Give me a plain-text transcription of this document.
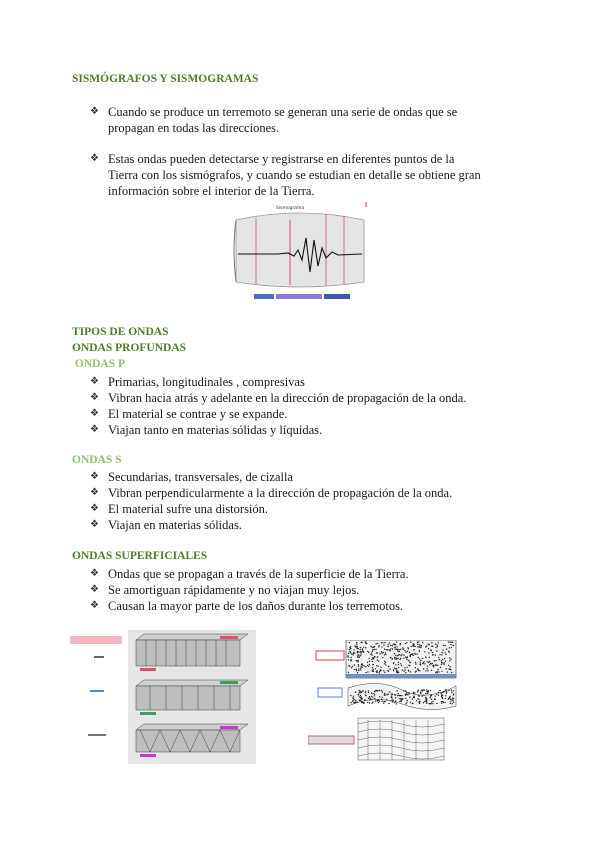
SISMÓGRAFOS Y SISMOGRAMAS
❖ Cuando se produce un terremoto se generan una serie de ondas que se
propagan en todas las direcciones.
❖ Estas ondas pueden detectarse y registrarse en diferentes puntos de la
Tierra con los sismógrafos, y cuando se estudian en detalle se obtiene gran
información sobre el interior de la Tierra.
Sismograma
TIPOS DE ONDAS
ONDAS PROFUNDAS
ONDAS P
❖ Primarias, longitudinales , compresivas
❖ Vibran hacia atrás y adelante en la dirección de propagación de la onda.
❖ El material se contrae y se expande.
❖ Viajan tanto en materias sólidas y líquidas.
ONDAS S
❖ Secundarias, transversales, de cizalla
❖ Vibran perpendicularmente a la dirección de propagación de la onda.
❖ El material sufre una distorsión.
❖ Viajan en materias sólidas.
ONDAS SUPERFICIALES
❖ Ondas que se propagan a través de la superficie de la Tierra.
❖ Se amortiguan rápidamente y no viajan muy lejos.
❖ Causan la mayor parte de los daños durante los terremotos.
